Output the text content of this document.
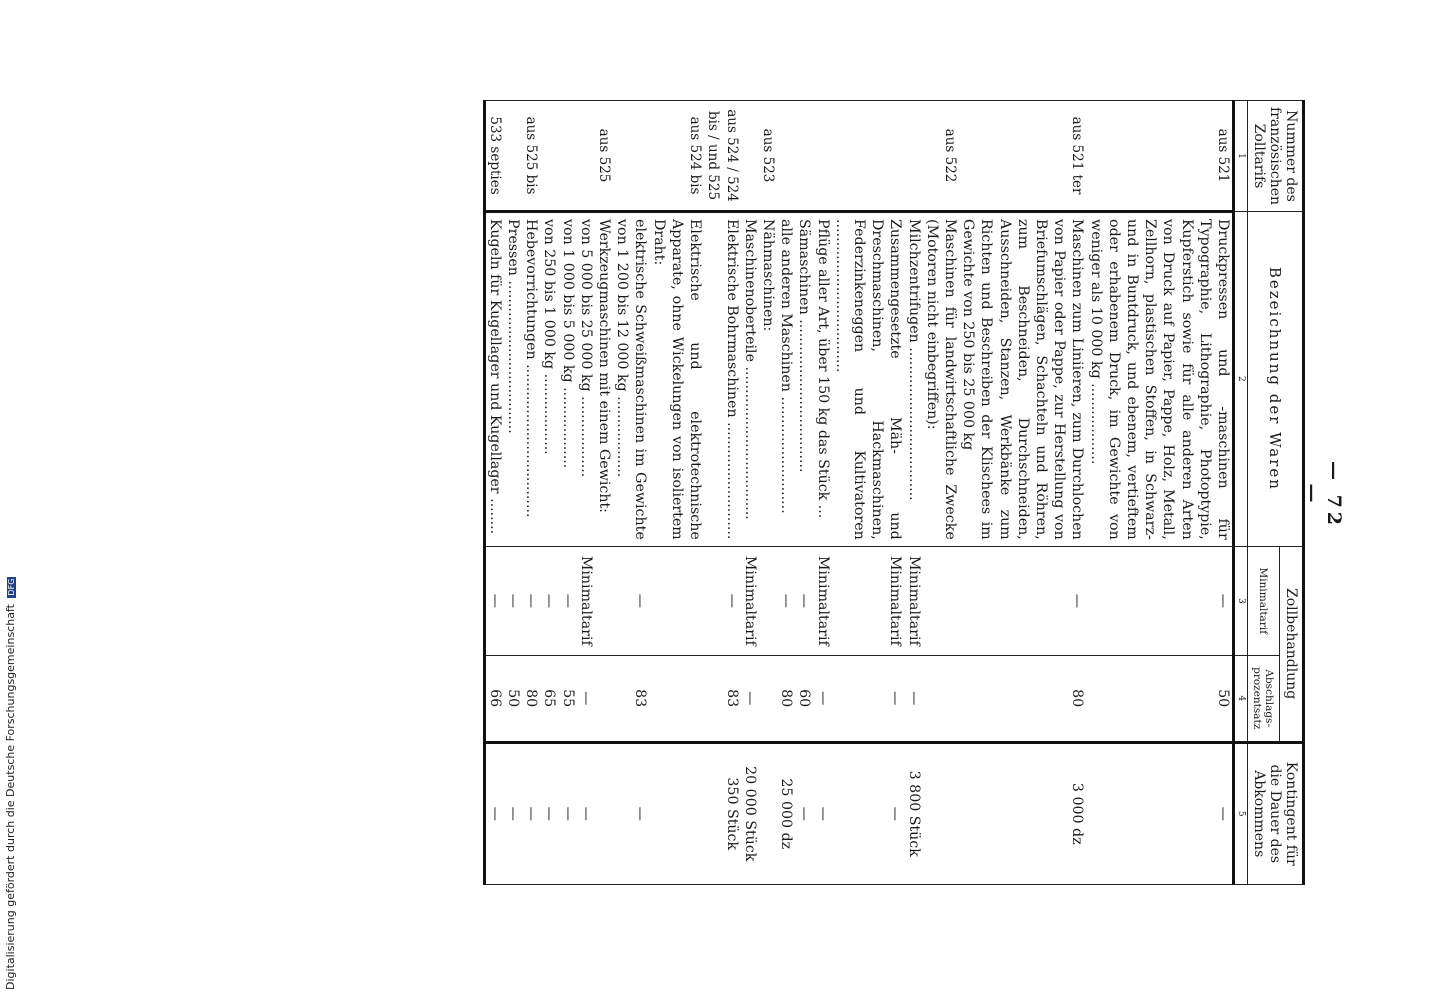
— 72 —
Nummer des französischen Zolltarifs	Bezeichnung der Waren	Zollbehandlung		Kontingent für die Dauer des Abkommens
		Minimaltarif	Abschlags-prozentsatz	
1	2	3	4	5
aus 521	Druckpressen und -maschinen für Typographie, Lithographie, Photoptypie, Kupferstich sowie für alle anderen Arten von Druck auf Papier, Pappe, Holz, Metall, Zellhorn, plastischen Stoffen, in Schwarz- und in Buntdruck, und ebenem, vertieftem oder erhabenem Druck, im Gewichte von weniger als 10 000 kg ..................	—	50	—
aus 521 ter	Maschinen zum Liniieren, zum Durchlochen von Papier oder Pappe, zur Herstellung von Briefumschlägen, Schachteln und Röhren, zum Beschneiden, Durchschneiden, Ausschneiden, Stanzen, Werkbänke zum Richten und Beschreiben der Klischees im Gewichte von 250 bis 25 000 kg	—	80	3 000 dz
aus 522	Maschinen für landwirtschaftliche Zwecke (Motoren nicht einbegriffen):			
	Milchzentrifugen ..................................	Minimaltarif	—	3 800 Stück
	Zusammengesetzte Mäh- und Dreschmaschinen, Hackmaschinen, Federzinkeneggen und Kultivatoren ..................................	Minimaltarif	—	—
	Pflüge aller Art, über 150 kg das Stück ...	Minimaltarif	—	—
	Sämaschinen ..................................	—	60	—
	alle anderen Maschinen ..........................	—	80	25 000 dz
aus 523	Nähmaschinen:			
	Maschinenoberteile ..................................	Minimaltarif	—	20 000 Stück
aus 524 / 524 bis / und 525	Elektrische Bohrmaschinen ..........................	—	83	350 Stück
aus 524 bis	Elektrische und elektrotechnische Apparate, ohne Wickelungen von isoliertem Draht:			
	elektrische Schweißmaschinen im Gewichte von 1 200 bis 12 000 kg ..................	—	83	—
aus 525	Werkzeugmaschinen mit einem Gewicht:			
	von 5 000 bis 25 000 kg ..................	Minimaltarif	—	—
	von 1 000 bis 5 000 kg ..................	—	55	—
	von 250 bis 1 000 kg ..................	—	65	—
aus 525 bis	Hebevorrichtungen ..................................	—	80	—
	Pressen ..................................	—	50	—
533 septies	Kugeln für Kugellager und Kugellager ........	—	66	—
Digitalisierung gefördert durch die Deutsche Forschungsgemeinschaft DFG
